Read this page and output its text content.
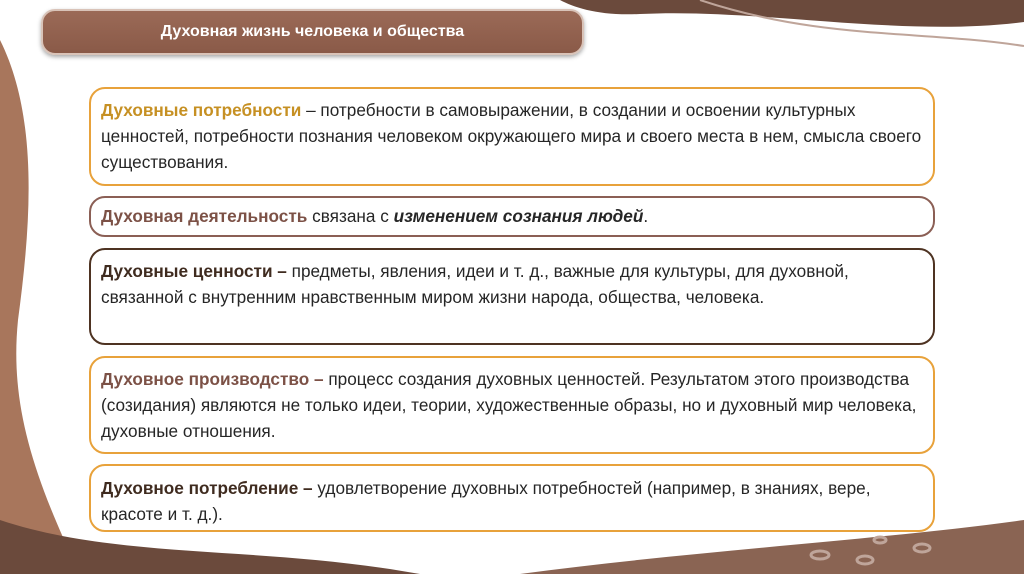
Духовная жизнь человека и общества
Духовные потребности – потребности в самовыражении, в создании и освоении культурных ценностей, потребности познания человеком окружающего мира и своего места в нем, смысла своего существования.
Духовная деятельность связана с изменением сознания людей.
Духовные ценности – предметы, явления, идеи и т. д., важные для культуры, для духовной, связанной с внутренним нравственным миром жизни народа, общества, человека.
Духовное производство – процесс создания духовных ценностей. Результатом этого производства (созидания) являются не только идеи, теории, художественные образы, но и духовный мир человека, духовные отношения.
Духовное потребление – удовлетворение духовных потребностей (например, в знаниях, вере, красоте и т. д.).
